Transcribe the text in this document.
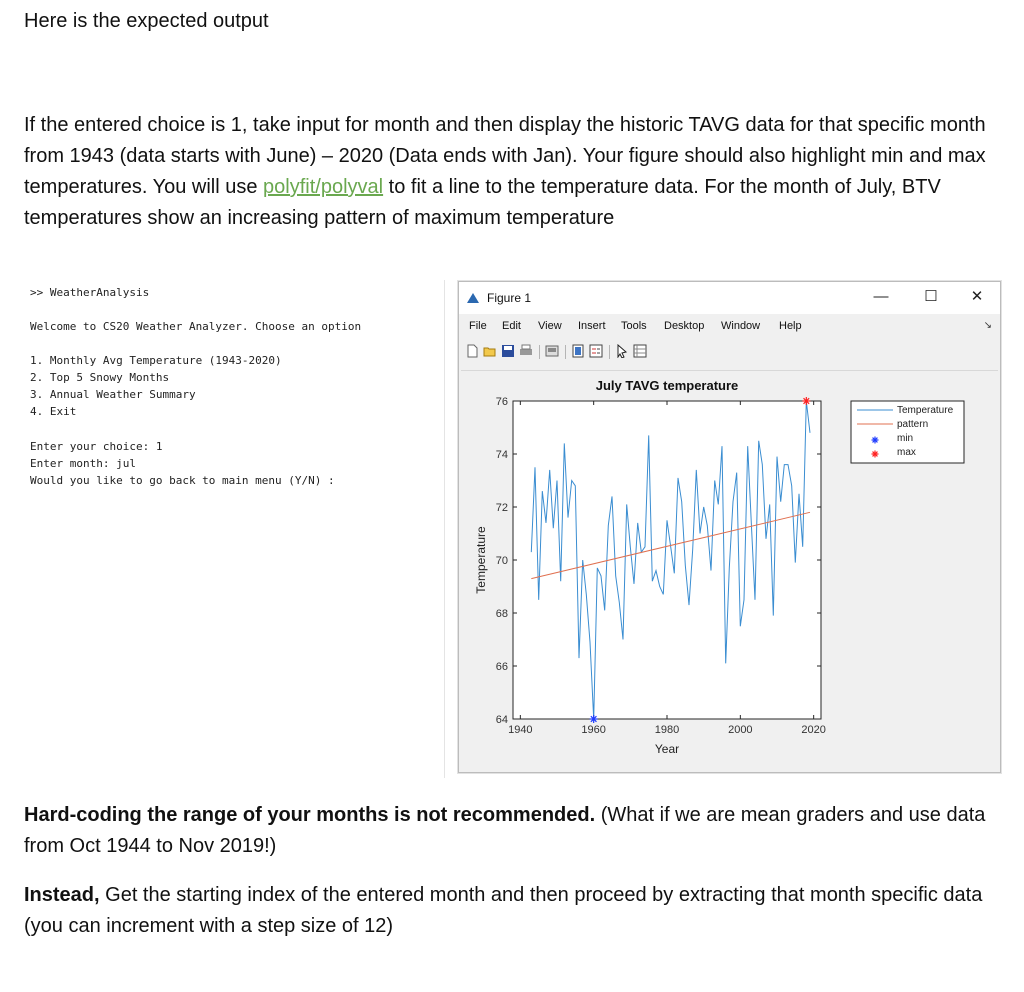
Here is the expected output
If the entered choice is 1, take input for month and then display the historic TAVG data for that specific month from 1943 (data starts with June) – 2020 (Data ends with Jan). Your figure should also highlight min and max temperatures. You will use polyfit/polyval to fit a line to the temperature data. For the month of July, BTV temperatures show an increasing pattern of maximum temperature
>> WeatherAnalysis
Welcome to CS20 Weather Analyzer. Choose an option
1. Monthly Avg Temperature (1943-2020)
2. Top 5 Snowy Months
3. Annual Weather Summary
4. Exit
Enter your choice: 1
Enter month: jul
Would you like to go back to main menu (Y/N) :
Figure 1	—	☐	✕
File Edit View Insert Tools Desktop Window Help	↘
July TAVG temperature
Year
Temperature
1940	1960	1980	2000	2020
64
66
68
70
72
74
76
Temperature
pattern
min
max
Hard-coding the range of your months is not recommended. (What if we are mean graders and use data from Oct 1944 to Nov 2019!)
Instead, Get the starting index of the entered month and then proceed by extracting that month specific data (you can increment with a step size of 12)
